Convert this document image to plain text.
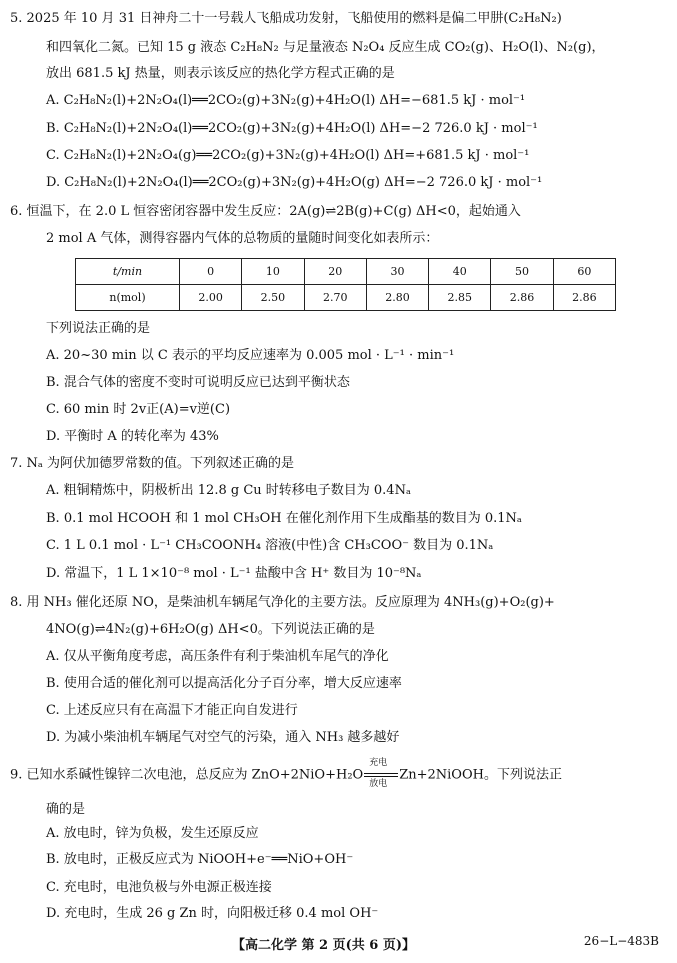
5. 2025 年 10 月 31 日神舟二十一号载人飞船成功发射，飞船使用的燃料是偏二甲肼(C₂H₈N₂)
和四氧化二氮。已知 15 g 液态 C₂H₈N₂ 与足量液态 N₂O₄ 反应生成 CO₂(g)、H₂O(l)、N₂(g)，
放出 681.5 kJ 热量，则表示该反应的热化学方程式正确的是
A. C₂H₈N₂(l)+2N₂O₄(l)══2CO₂(g)+3N₂(g)+4H₂O(l) ΔH=−681.5 kJ · mol⁻¹
B. C₂H₈N₂(l)+2N₂O₄(l)══2CO₂(g)+3N₂(g)+4H₂O(l) ΔH=−2 726.0 kJ · mol⁻¹
C. C₂H₈N₂(l)+2N₂O₄(g)══2CO₂(g)+3N₂(g)+4H₂O(l) ΔH=+681.5 kJ · mol⁻¹
D. C₂H₈N₂(l)+2N₂O₄(l)══2CO₂(g)+3N₂(g)+4H₂O(g) ΔH=−2 726.0 kJ · mol⁻¹
6. 恒温下，在 2.0 L 恒容密闭容器中发生反应：2A(g)⇌2B(g)+C(g) ΔH<0，起始通入
2 mol A 气体，测得容器内气体的总物质的量随时间变化如表所示：
t/min	0	10	20	30	40	50	60
n(mol)	2.00	2.50	2.70	2.80	2.85	2.86	2.86
下列说法正确的是
A. 20~30 min 以 C 表示的平均反应速率为 0.005 mol · L⁻¹ · min⁻¹
B. 混合气体的密度不变时可说明反应已达到平衡状态
C. 60 min 时 2v正(A)=v逆(C)
D. 平衡时 A 的转化率为 43%
7. Nₐ 为阿伏加德罗常数的值。下列叙述正确的是
A. 粗铜精炼中，阴极析出 12.8 g Cu 时转移电子数目为 0.4Nₐ
B. 0.1 mol HCOOH 和 1 mol CH₃OH 在催化剂作用下生成酯基的数目为 0.1Nₐ
C. 1 L 0.1 mol · L⁻¹ CH₃COONH₄ 溶液(中性)含 CH₃COO⁻ 数目为 0.1Nₐ
D. 常温下，1 L 1×10⁻⁸ mol · L⁻¹ 盐酸中含 H⁺ 数目为 10⁻⁸Nₐ
8. 用 NH₃ 催化还原 NO，是柴油机车辆尾气净化的主要方法。反应原理为 4NH₃(g)+O₂(g)+
4NO(g)⇌4N₂(g)+6H₂O(g) ΔH<0。下列说法正确的是
A. 仅从平衡角度考虑，高压条件有利于柴油机车尾气的净化
B. 使用合适的催化剂可以提高活化分子百分率，增大反应速率
C. 上述反应只有在高温下才能正向自发进行
D. 为减小柴油机车辆尾气对空气的污染，通入 NH₃ 越多越好
9. 已知水系碱性镍锌二次电池，总反应为 ZnO+2NiO+H₂O
充电
放电
Zn+2NiOOH。下列说法正
确的是
A. 放电时，锌为负极，发生还原反应
B. 放电时，正极反应式为 NiOOH+e⁻══NiO+OH⁻
C. 充电时，电池负极与外电源正极连接
D. 充电时，生成 26 g Zn 时，向阳极迁移 0.4 mol OH⁻
【高二化学 第 2 页(共 6 页)】	26−L−483B
